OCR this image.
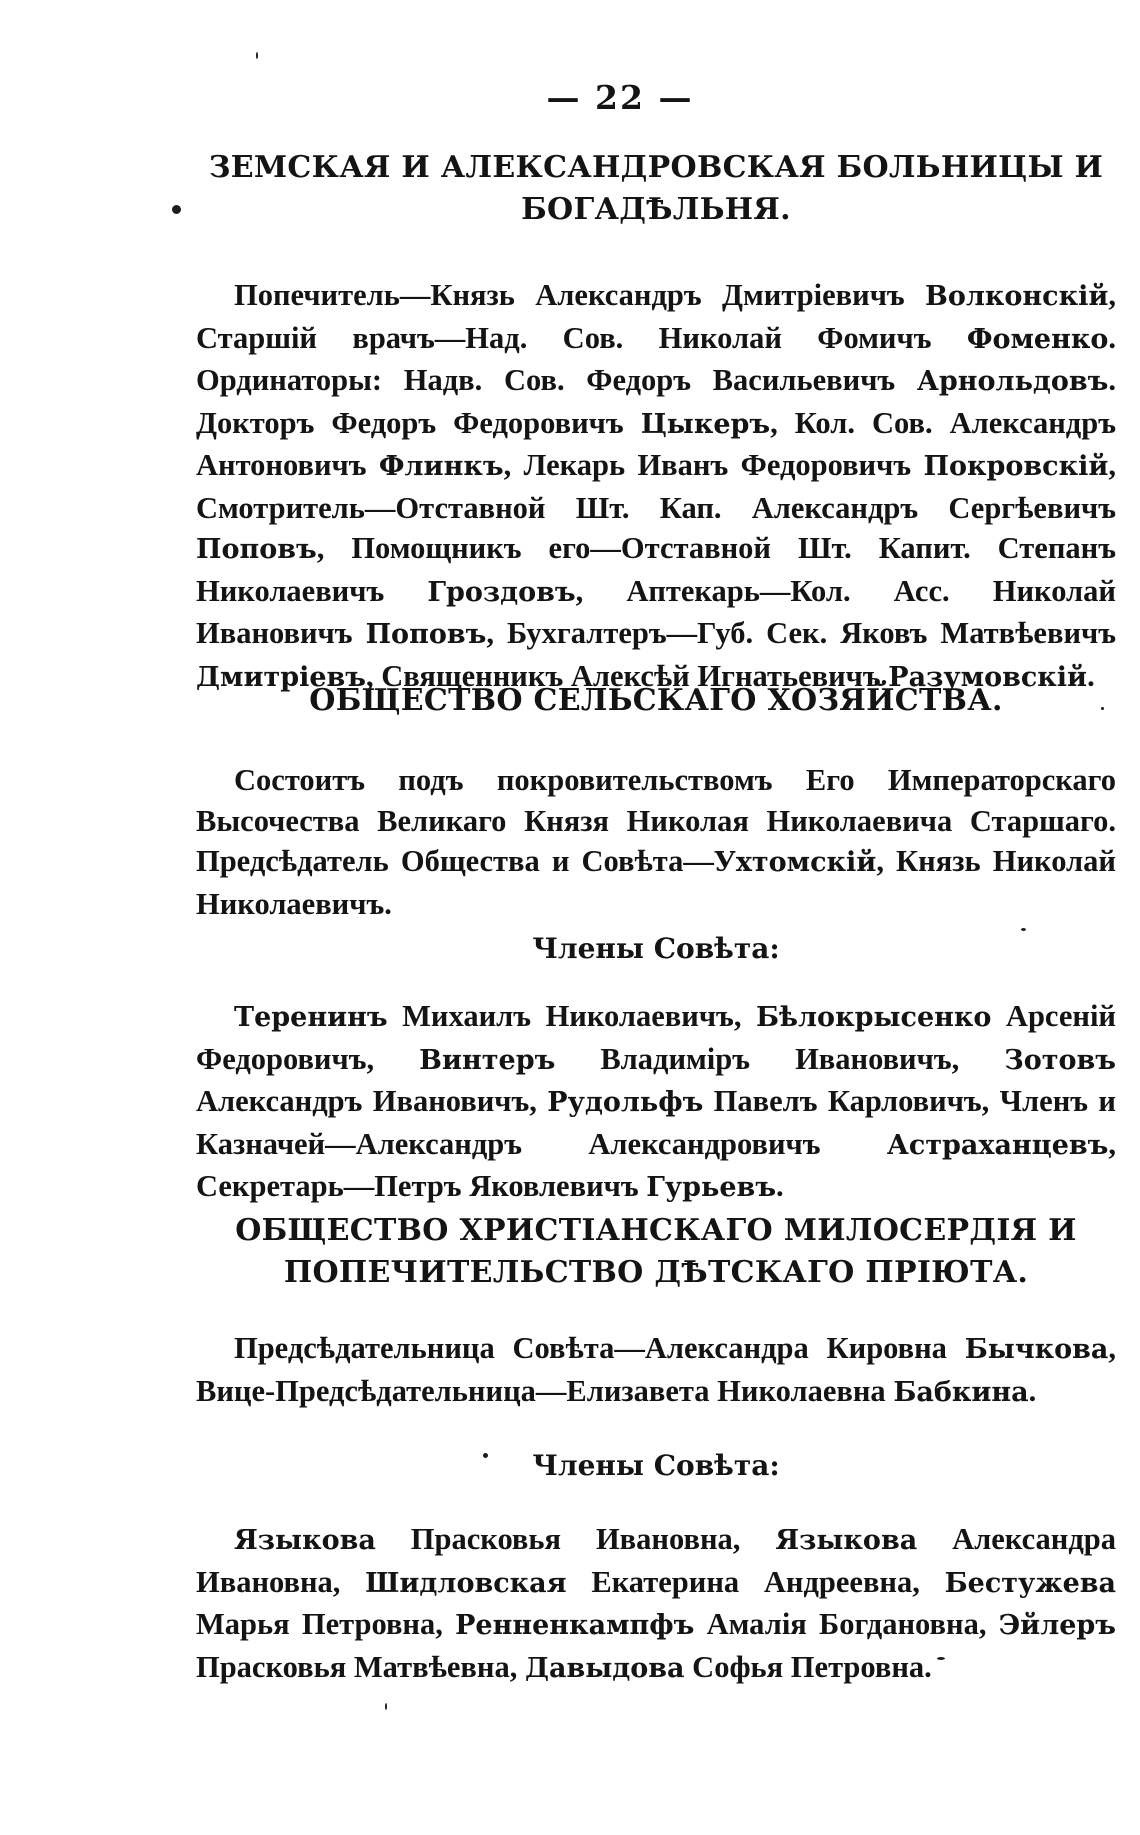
— 22 —
ЗЕМСКАЯ И АЛЕКСАНДРОВСКАЯ БОЛЬНИЦЫ И БОГАДѢЛЬНЯ.

Попечитель—Князь Александръ Дмитріевичъ Волконскій, Старшій врачъ—Над. Сов. Николай Фомичъ Фоменко. Ординаторы: Надв. Сов. Федоръ Васильевичъ Арнольдовъ. Докторъ Федоръ Федоровичъ Цыкеръ, Кол. Сов. Александръ Антоновичъ Флинкъ, Лекарь Иванъ Федоровичъ Покровскій, Смотритель—Отставной Шт. Кап. Александръ Сергѣевичъ Поповъ, Помощникъ его—Отставной Шт. Капит. Степанъ Николаевичъ Гроздовъ, Аптекарь—Кол. Асс. Николай Ивановичъ Поповъ, Бухгалтеръ—Губ. Сек. Яковъ Матвѣевичъ Дмитріевъ, Священникъ Алексѣй Игнатьевичъ Разумовскій.

ОБЩЕСТВО СЕЛЬСКАГО ХОЗЯЙСТВА.

Состоитъ подъ покровительствомъ Его Императорскаго Высочества Великаго Князя Николая Николаевича Старшаго. Предсѣдатель Общества и Совѣта—Ухтомскій, Князь Николай Николаевичъ.

Члены Совѣта:

Теренинъ Михаилъ Николаевичъ, Бѣлокрысенко Арсеній Федоровичъ, Винтеръ Владиміръ Ивановичъ, Зотовъ Александръ Ивановичъ, Рудольфъ Павелъ Карловичъ, Членъ и Казначей—Александръ Александровичъ Астраханцевъ, Секретарь—Петръ Яковлевичъ Гурьевъ.

ОБЩЕСТВО ХРИСТІАНСКАГО МИЛОСЕРДІЯ И ПОПЕЧИТЕЛЬСТВО ДѢТСКАГО ПРІЮТА.

Предсѣдательница Совѣта—Александра Кировна Бычкова, Вице-Предсѣдательница—Елизавета Николаевна Бабкина.

Члены Совѣта:

Языкова Прасковья Ивановна, Языкова Александра Ивановна, Шидловская Екатерина Андреевна, Бестужева Марья Петровна, Ренненкампфъ Амалія Богдановна, Эйлеръ Прасковья Матвѣевна, Давыдова Софья Петровна.
